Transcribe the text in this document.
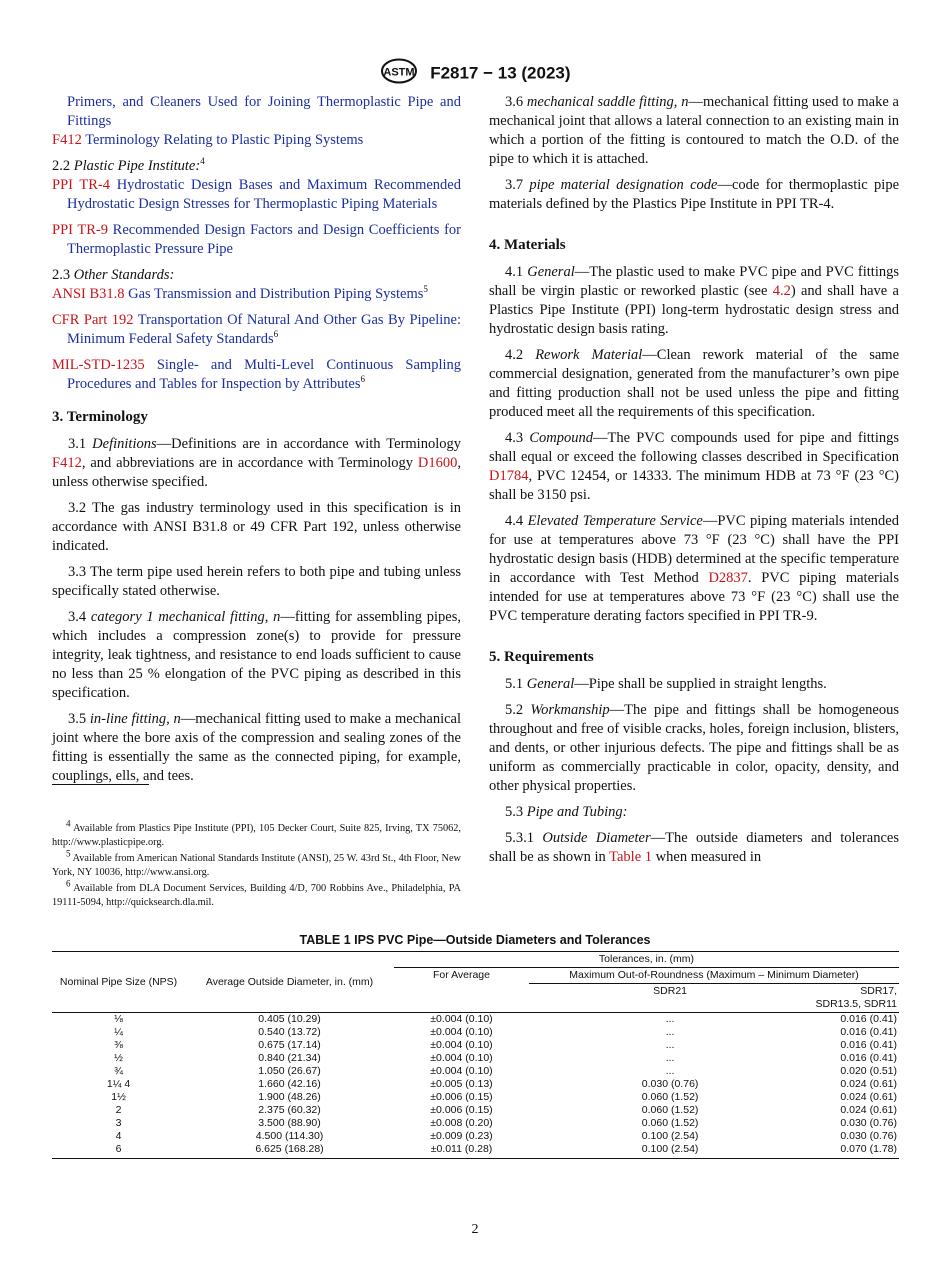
ASTM F2817 − 13 (2023)

Primers, and Cleaners Used for Joining Thermoplastic Pipe and Fittings

F412 Terminology Relating to Plastic Piping Systems

2.2 Plastic Pipe Institute:$^4$

PPI TR-4 Hydrostatic Design Bases and Maximum Recommended Hydrostatic Design Stresses for Thermoplastic Piping Materials

PPI TR-9 Recommended Design Factors and Design Coefficients for Thermoplastic Pressure Pipe

2.3 Other Standards:

ANSI B31.8 Gas Transmission and Distribution Piping Systems$^5$

CFR Part 192 Transportation Of Natural And Other Gas By Pipeline: Minimum Federal Safety Standards$^6$

MIL-STD-1235 Single- and Multi-Level Continuous Sampling Procedures and Tables for Inspection by Attributes$^6$

3. Terminology

3.1 Definitions—Definitions are in accordance with Terminology F412, and abbreviations are in accordance with Terminology D1600, unless otherwise specified.

3.2 The gas industry terminology used in this specification is in accordance with ANSI B31.8 or 49 CFR Part 192, unless otherwise indicated.

3.3 The term pipe used herein refers to both pipe and tubing unless specifically stated otherwise.

3.4 category 1 mechanical fitting, n—fitting for assembling pipes, which includes a compression zone(s) to provide for pressure integrity, leak tightness, and resistance to end loads sufficient to cause no less than 25 % elongation of the PVC piping as described in this specification.

3.5 in-line fitting, n—mechanical fitting used to make a mechanical joint where the bore axis of the compression and sealing zones of the fitting is essentially the same as the connected piping, for example, couplings, ells, and tees.

$^4$ Available from Plastics Pipe Institute (PPI), 105 Decker Court, Suite 825, Irving, TX 75062, http://www.plasticpipe.org.

$^5$ Available from American National Standards Institute (ANSI), 25 W. 43rd St., 4th Floor, New York, NY 10036, http://www.ansi.org.

$^6$ Available from DLA Document Services, Building 4/D, 700 Robbins Ave., Philadelphia, PA 19111-5094, http://quicksearch.dla.mil.

3.6 mechanical saddle fitting, n—mechanical fitting used to make a mechanical joint that allows a lateral connection to an existing main in which a portion of the fitting is contoured to match the O.D. of the pipe to which it is attached.

3.7 pipe material designation code—code for thermoplastic pipe materials defined by the Plastics Pipe Institute in PPI TR-4.

4. Materials

4.1 General—The plastic used to make PVC pipe and PVC fittings shall be virgin plastic or reworked plastic (see 4.2) and shall have a Plastics Pipe Institute (PPI) long-term hydrostatic design stress and hydrostatic design basis rating.

4.2 Rework Material—Clean rework material of the same commercial designation, generated from the manufacturer’s own pipe and fitting production shall not be used unless the pipe and fitting produced meet all the requirements of this specification.

4.3 Compound—The PVC compounds used for pipe and fittings shall equal or exceed the following classes described in Specification D1784, PVC 12454, or 14333. The minimum HDB at 73 °F (23 °C) shall be 3150 psi.

4.4 Elevated Temperature Service—PVC piping materials intended for use at temperatures above 73 °F (23 °C) shall have the PPI hydrostatic design basis (HDB) determined at the specific temperature in accordance with Test Method D2837. PVC piping materials intended for use at temperatures above 73 °F (23 °C) shall use the PVC temperature derating factors specified in PPI TR-9.

5. Requirements

5.1 General—Pipe shall be supplied in straight lengths.

5.2 Workmanship—The pipe and fittings shall be homogeneous throughout and free of visible cracks, holes, foreign inclusion, blisters, and dents, or other injurious defects. The pipe and fittings shall be as uniform as commercially practicable in color, opacity, density, and other physical properties.

5.3 Pipe and Tubing:

5.3.1 Outside Diameter—The outside diameters and tolerances shall be as shown in Table 1 when measured in

TABLE 1 IPS PVC Pipe—Outside Diameters and Tolerances
Nominal Pipe Size (NPS)	Average Outside Diameter, in. (mm)	Tolerances, in. (mm)		
		For Average	Maximum Out-of-Roundness (Maximum – Minimum Diameter)	
			SDR21	SDR17, SDR13.5, SDR11

⅛	0.405 (10.29)	±0.004 (0.10)	...	0.016 (0.41)
¼	0.540 (13.72)	±0.004 (0.10)	...	0.016 (0.41)
⅜	0.675 (17.14)	±0.004 (0.10)	...	0.016 (0.41)
½	0.840 (21.34)	±0.004 (0.10)	...	0.016 (0.41)
¾	1.050 (26.67)	±0.004 (0.10)	...	0.020 (0.51)
1¼ 4	1.660 (42.16)	±0.005 (0.13)	0.030 (0.76)	0.024 (0.61)
1½	1.900 (48.26)	±0.006 (0.15)	0.060 (1.52)	0.024 (0.61)
2	2.375 (60.32)	±0.006 (0.15)	0.060 (1.52)	0.024 (0.61)
3	3.500 (88.90)	±0.008 (0.20)	0.060 (1.52)	0.030 (0.76)
4	4.500 (114.30)	±0.009 (0.23)	0.100 (2.54)	0.030 (0.76)
6	6.625 (168.28)	±0.011 (0.28)	0.100 (2.54)	0.070 (1.78)
2
